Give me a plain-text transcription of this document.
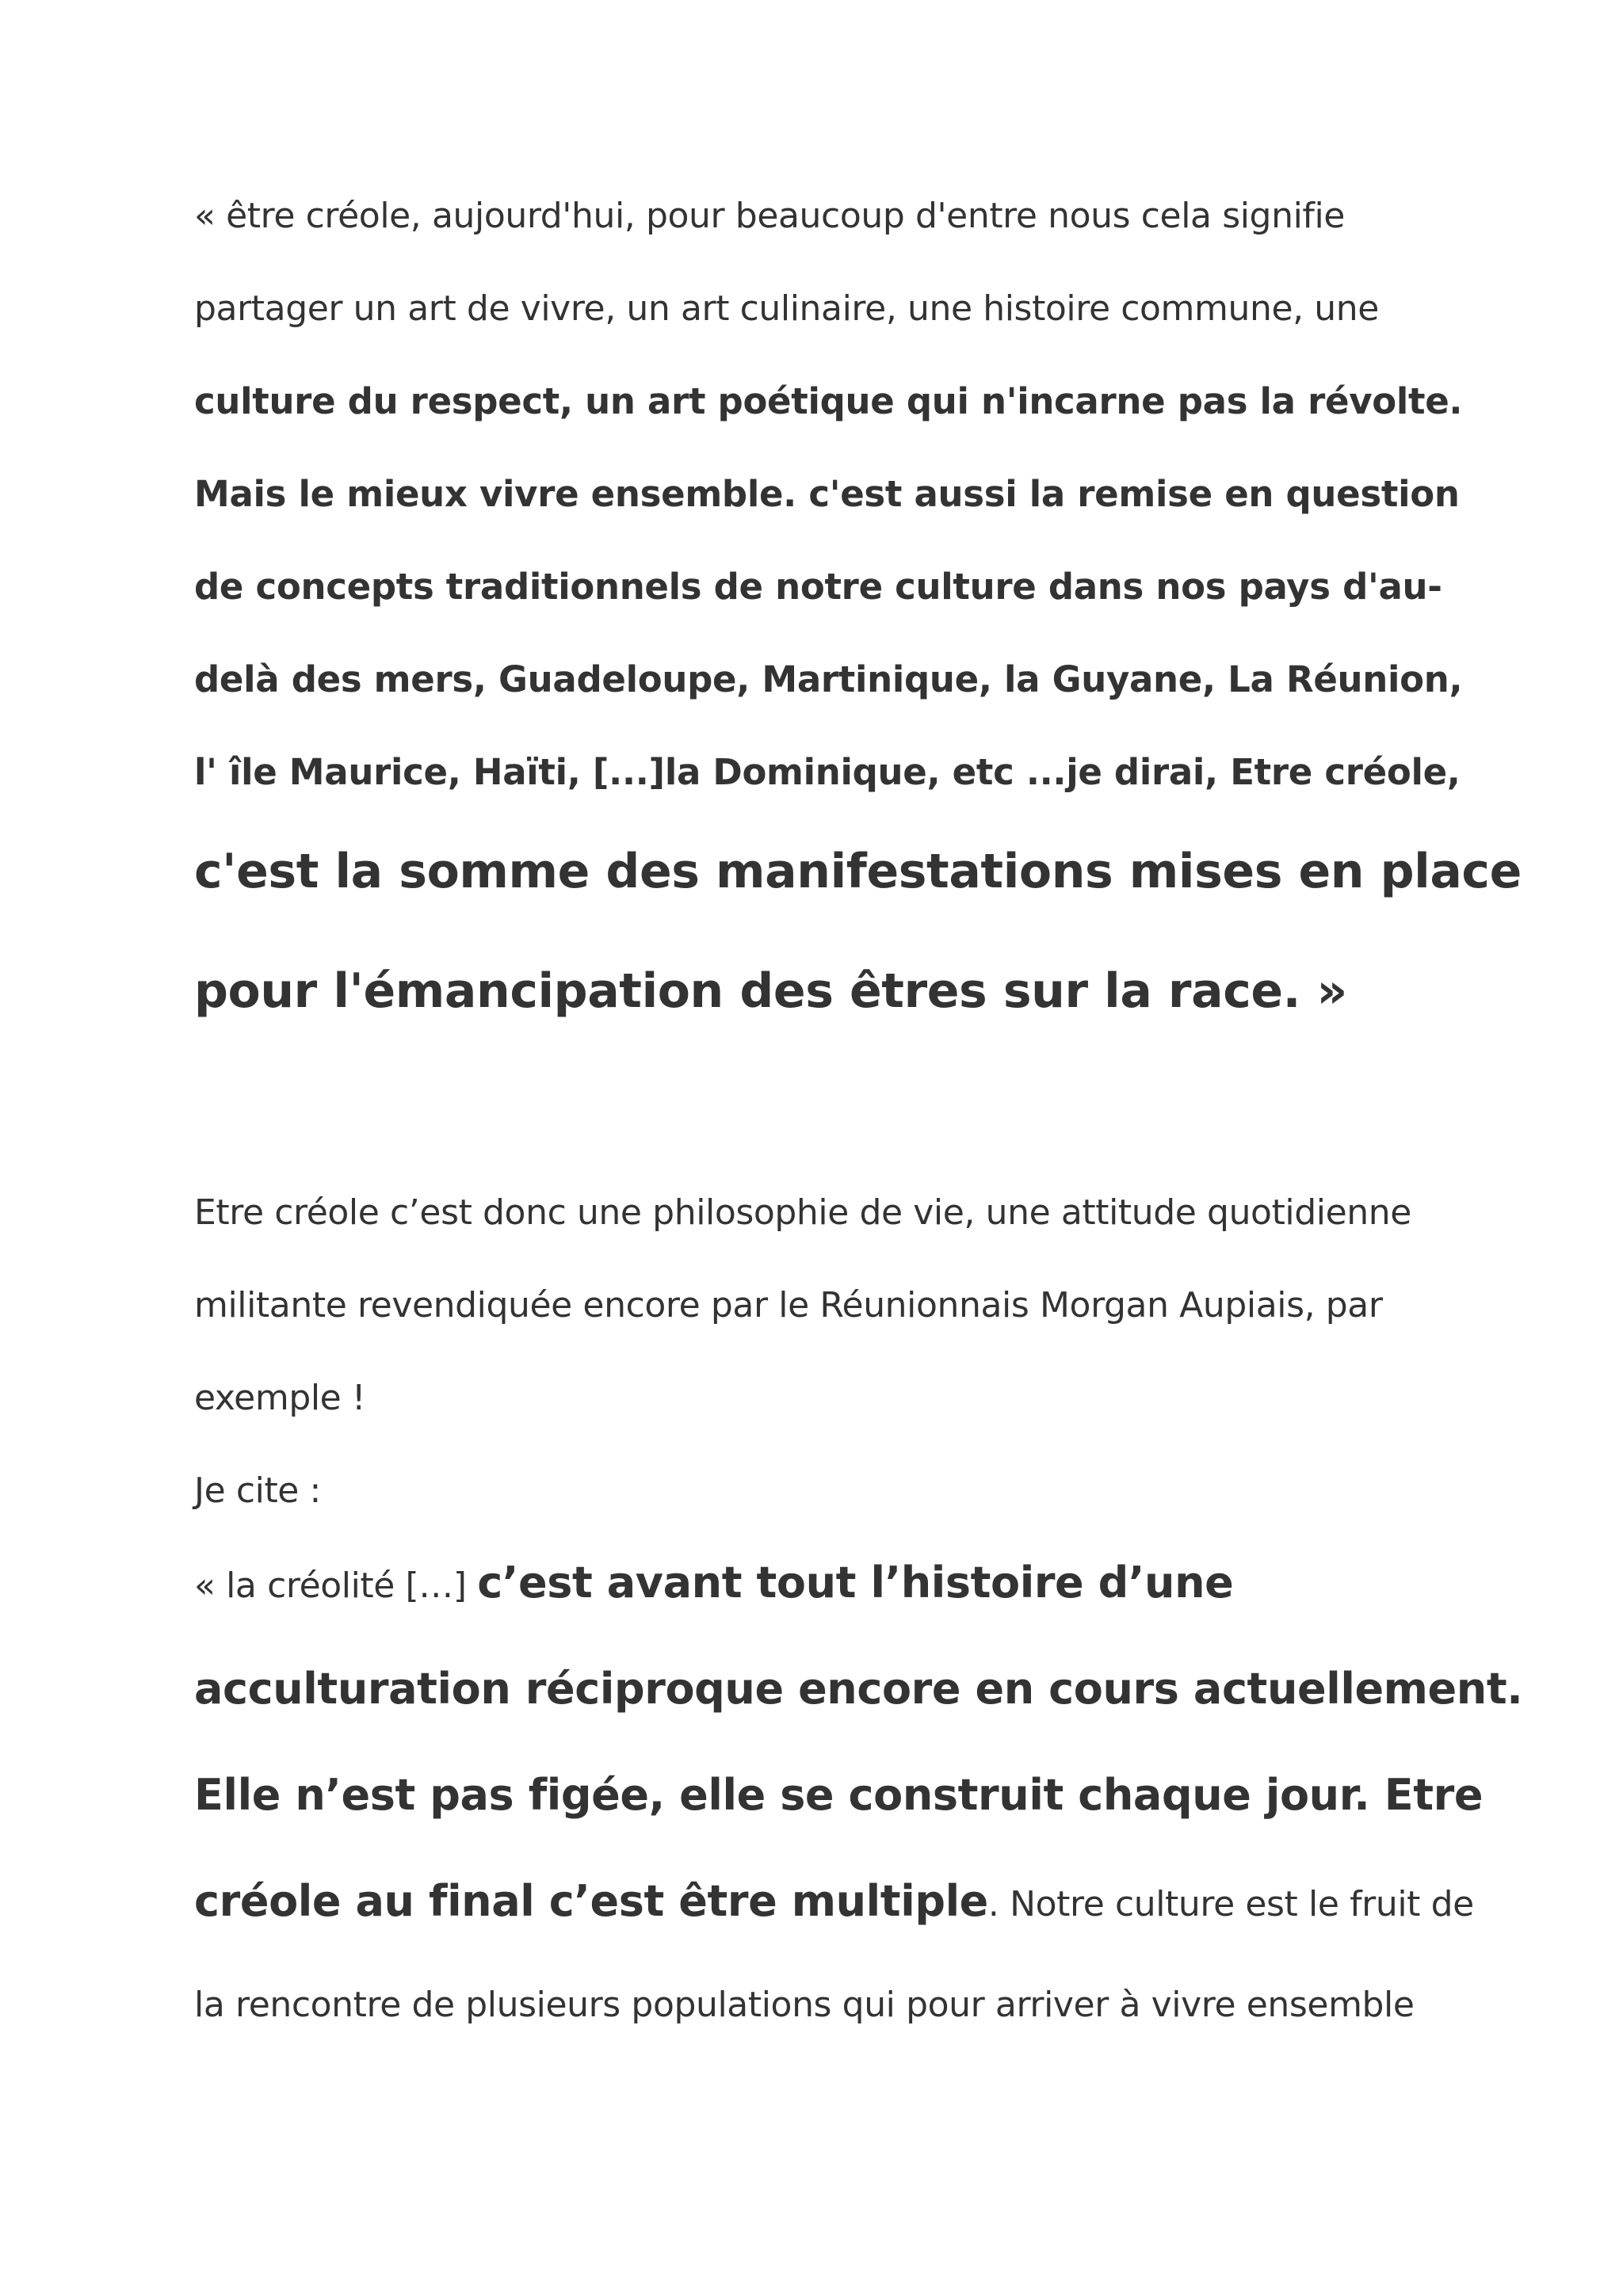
« être créole, aujourd'hui, pour beaucoup d'entre nous cela signifie
partager un art de vivre, un art culinaire, une histoire commune, une
culture du respect, un art poétique qui n'incarne pas la révolte.
Mais le mieux vivre ensemble. c'est aussi la remise en question
de concepts traditionnels de notre culture dans nos pays d'au-
delà des mers, Guadeloupe, Martinique, la Guyane, La Réunion,
l' île Maurice, Haïti, [...]la Dominique, etc ...je dirai, Etre créole,
c'est la somme des manifestations mises en place
pour l'émancipation des êtres sur la race. »
Etre créole c’est donc une philosophie de vie, une attitude quotidienne
militante revendiquée encore par le Réunionnais Morgan Aupiais, par
exemple !
Je cite :
« la créolité […] c’est avant tout l’histoire d’une
acculturation réciproque encore en cours actuellement.
Elle n’est pas figée, elle se construit chaque jour. Etre
créole au final c’est être multiple. Notre culture est le fruit de
la rencontre de plusieurs populations qui pour arriver à vivre ensemble
